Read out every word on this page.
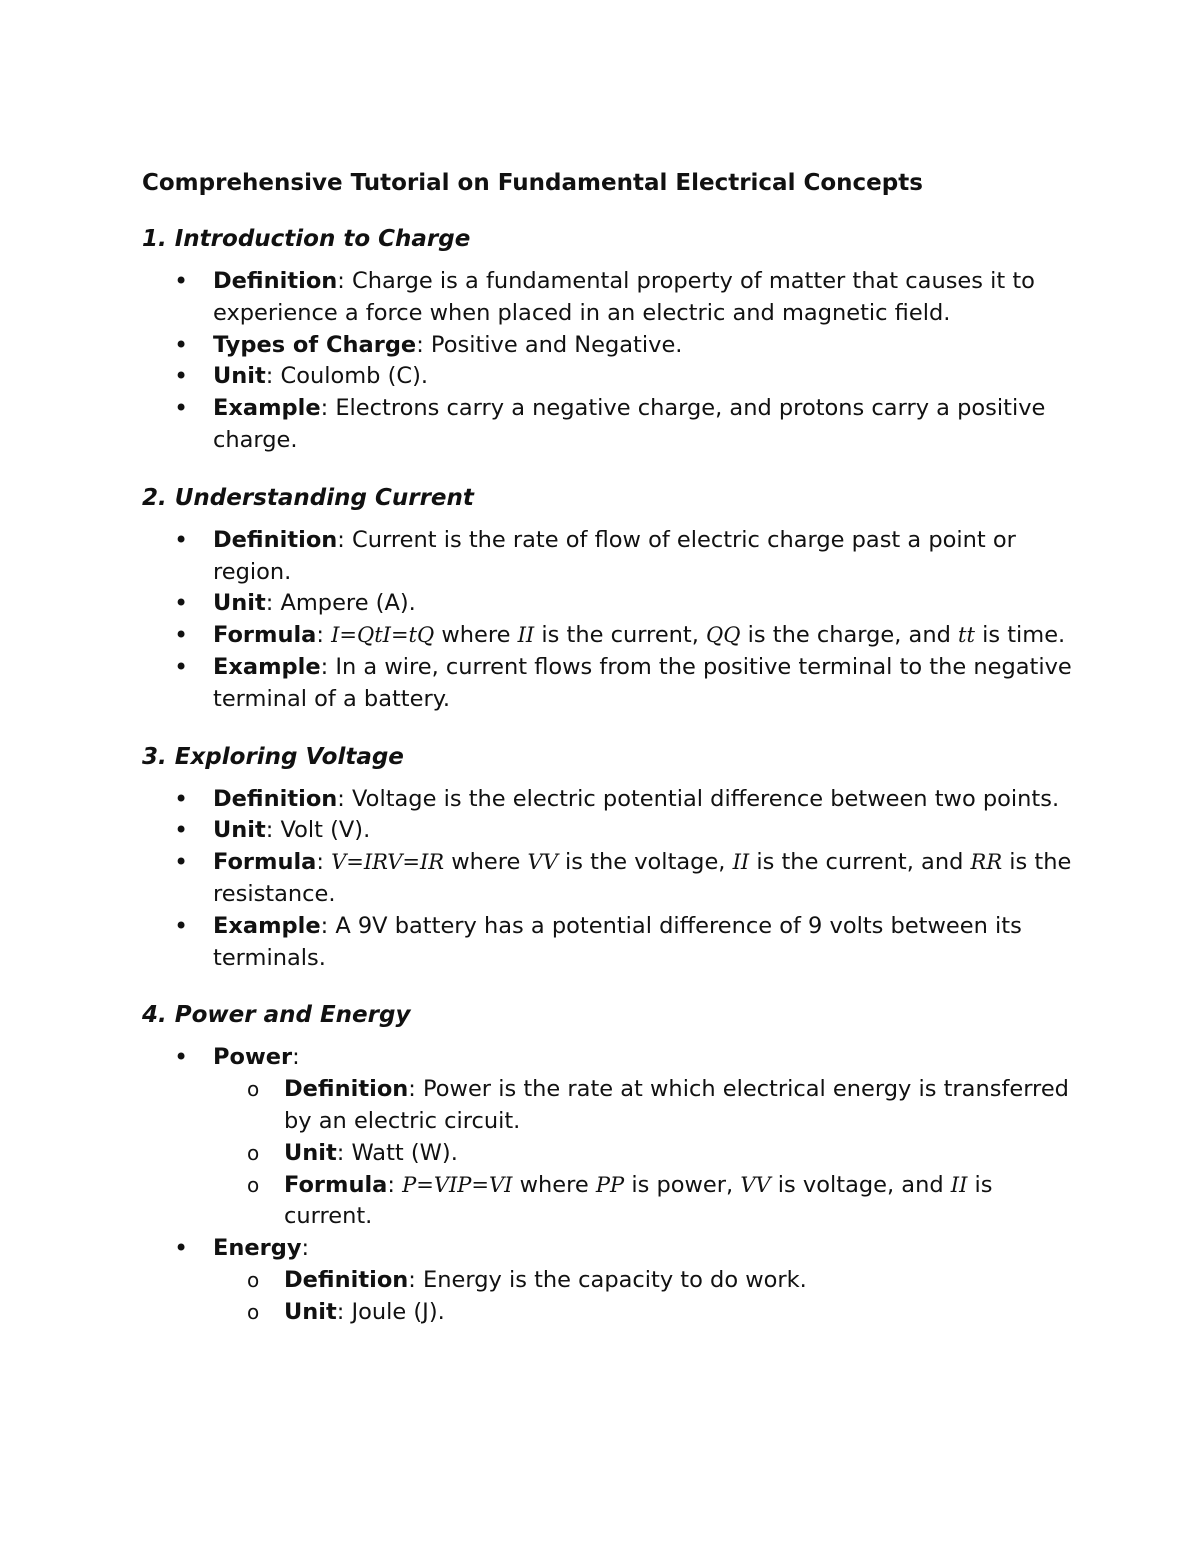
Comprehensive Tutorial on Fundamental Electrical Concepts
1. Introduction to Charge
• Definition: Charge is a fundamental property of matter that causes it to experience a force when placed in an electric and magnetic field.
• Types of Charge: Positive and Negative.
• Unit: Coulomb (C).
• Example: Electrons carry a negative charge, and protons carry a positive charge.
2. Understanding Current
• Definition: Current is the rate of flow of electric charge past a point or region.
• Unit: Ampere (A).
• Formula: I=QtI=tQ where II is the current, QQ is the charge, and tt is time.
• Example: In a wire, current flows from the positive terminal to the negative terminal of a battery.
3. Exploring Voltage
• Definition: Voltage is the electric potential difference between two points.
• Unit: Volt (V).
• Formula: V=IRV=IR where VV is the voltage, II is the current, and RR is the resistance.
• Example: A 9V battery has a potential difference of 9 volts between its terminals.
4. Power and Energy
• Power:
o Definition: Power is the rate at which electrical energy is transferred by an electric circuit.
o Unit: Watt (W).
o Formula: P=VIP=VI where PP is power, VV is voltage, and II is current.
• Energy:
o Definition: Energy is the capacity to do work.
o Unit: Joule (J).
